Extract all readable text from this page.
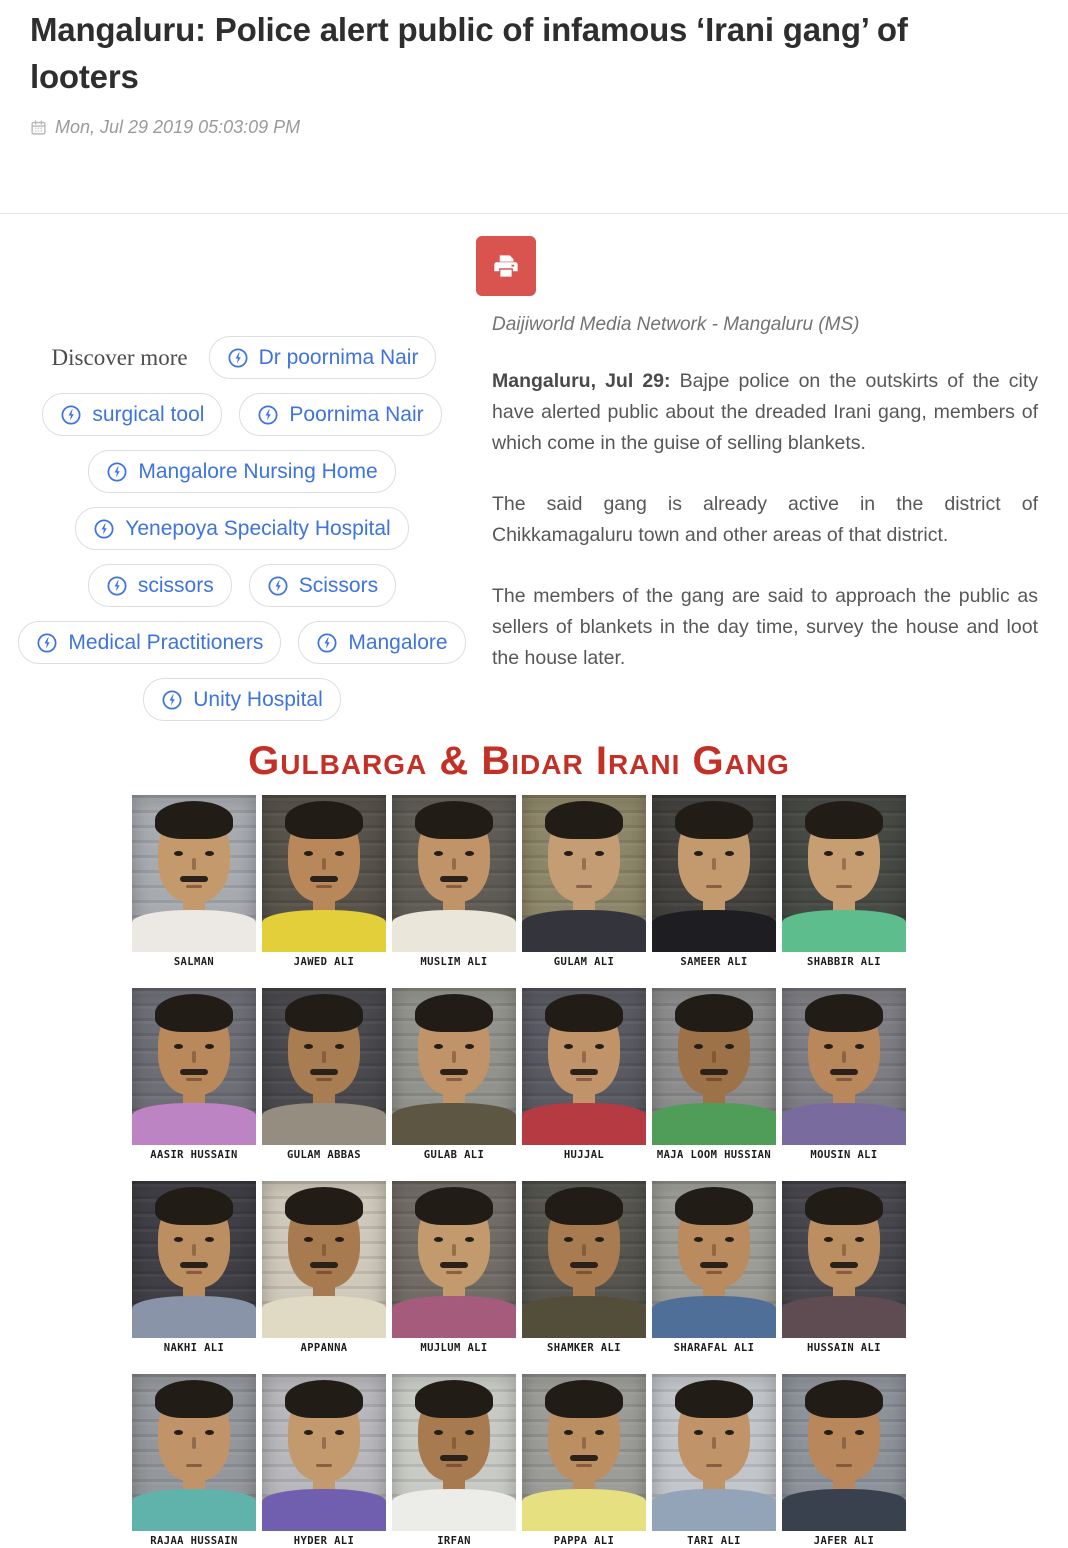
Mangaluru: Police alert public of infamous ‘Irani gang’ of looters
Mon, Jul 29 2019 05:03:09 PM
Discover more	Dr poornima Nair
surgical tool	Poornima Nair
Mangalore Nursing Home
Yenepoya Specialty Hospital
scissors	Scissors
Medical Practitioners	Mangalore
Unity Hospital

Daijiworld Media Network - Mangaluru (MS)

Mangaluru, Jul 29: Bajpe police on the outskirts of the city have alerted public about the dreaded Irani gang, members of which come in the guise of selling blankets.

The said gang is already active in the district of Chikkamagaluru town and other areas of that district.

The members of the gang are said to approach the public as sellers of blankets in the day time, survey the house and loot the house later.

Gulbarga & Bidar Irani Gang
SALMAN	JAWED ALI	MUSLIM ALI	GULAM ALI	SAMEER ALI	SHABBIR ALI
AASIR HUSSAIN	GULAM ABBAS	GULAB ALI	HUJJAL	MAJA LOOM HUSSIAN	MOUSIN ALI
NAKHI ALI	APPANNA	MUJLUM ALI	SHAMKER ALI	SHARAFAL ALI	HUSSAIN ALI
RAJAA HUSSAIN	HYDER ALI	IRFAN	PAPPA ALI	TARI ALI	JAFER ALI
